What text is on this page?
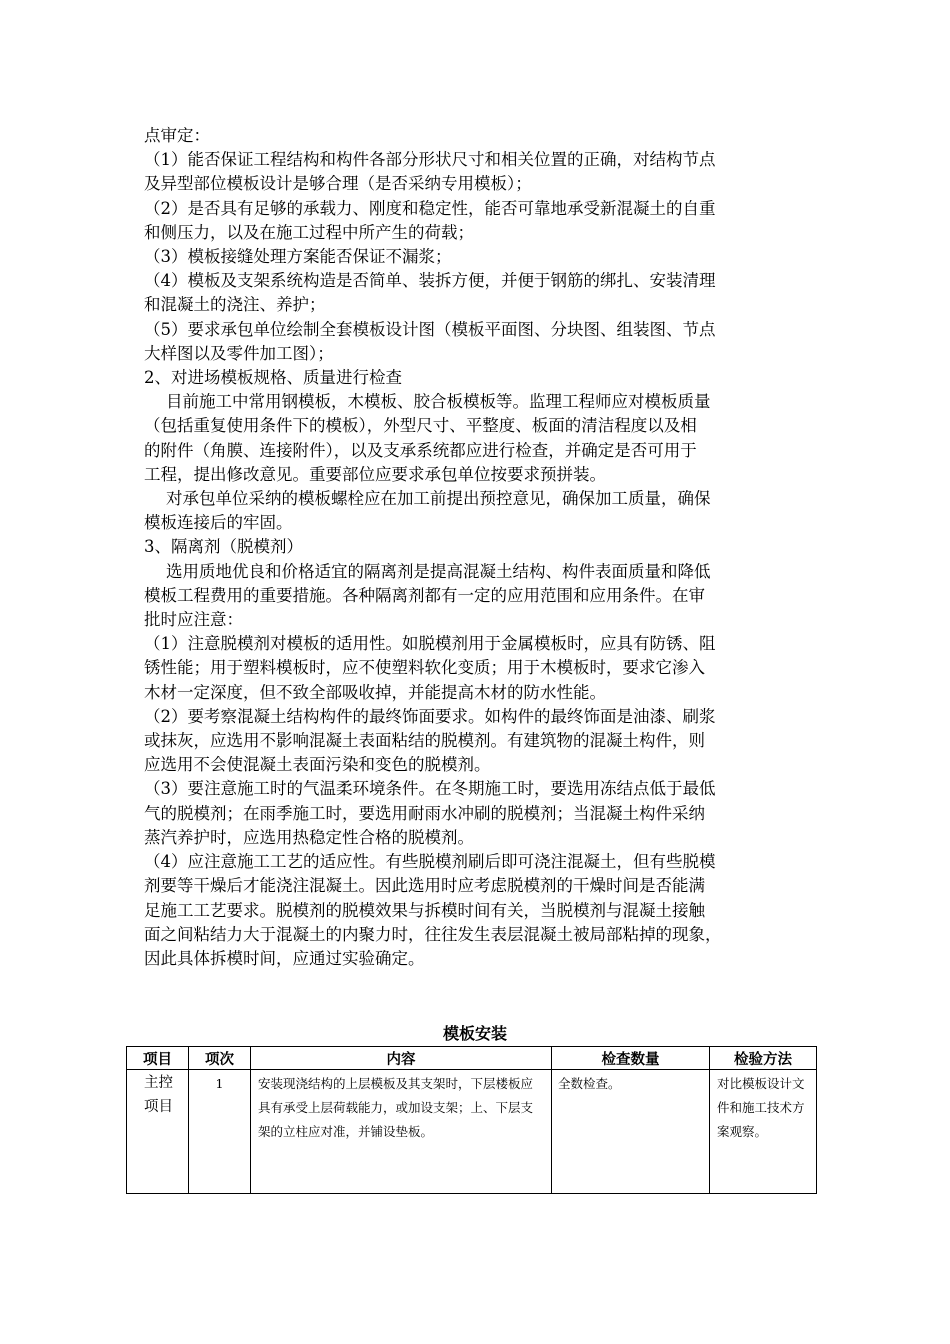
点审定：

（1）能否保证工程结构和构件各部分形状尺寸和相关位置的正确，对结构节点

及异型部位模板设计是够合理（是否采纳专用模板）；

（2）是否具有足够的承载力、刚度和稳定性，能否可靠地承受新混凝土的自重

和侧压力，以及在施工过程中所产生的荷载；

（3）模板接缝处理方案能否保证不漏浆；

（4）模板及支架系统构造是否简单、装拆方便，并便于钢筋的绑扎、安装清理

和混凝土的浇注、养护；

（5）要求承包单位绘制全套模板设计图（模板平面图、分块图、组装图、节点

大样图以及零件加工图）；

2、对进场模板规格、质量进行检查

目前施工中常用钢模板，木模板、胶合板模板等。监理工程师应对模板质量

（包括重复使用条件下的模板），外型尺寸、平整度、板面的清洁程度以及相

的附件（角膜、连接附件），以及支承系统都应进行检查，并确定是否可用于

工程，提出修改意见。重要部位应要求承包单位按要求预拼装。

对承包单位采纳的模板螺栓应在加工前提出预控意见，确保加工质量，确保

模板连接后的牢固。

3、隔离剂（脱模剂）

选用质地优良和价格适宜的隔离剂是提高混凝土结构、构件表面质量和降低

模板工程费用的重要措施。各种隔离剂都有一定的应用范围和应用条件。在审

批时应注意：

（1）注意脱模剂对模板的适用性。如脱模剂用于金属模板时，应具有防锈、阻

锈性能；用于塑料模板时，应不使塑料软化变质；用于木模板时，要求它渗入

木材一定深度，但不致全部吸收掉，并能提高木材的防水性能。

（2）要考察混凝土结构构件的最终饰面要求。如构件的最终饰面是油漆、刷浆

或抹灰，应选用不影响混凝土表面粘结的脱模剂。有建筑物的混凝土构件，则

应选用不会使混凝土表面污染和变色的脱模剂。

（3）要注意施工时的气温柔环境条件。在冬期施工时，要选用冻结点低于最低

气的脱模剂；在雨季施工时，要选用耐雨水冲刷的脱模剂；当混凝土构件采纳

蒸汽养护时，应选用热稳定性合格的脱模剂。

（4）应注意施工工艺的适应性。有些脱模剂刷后即可浇注混凝土，但有些脱模

剂要等干燥后才能浇注混凝土。因此选用时应考虑脱模剂的干燥时间是否能满

足施工工艺要求。脱模剂的脱模效果与拆模时间有关，当脱模剂与混凝土接触

面之间粘结力大于混凝土的内聚力时，往往发生表层混凝土被局部粘掉的现象，

因此具体拆模时间，应通过实验确定。

模板安装
项目	项次	内容	检查数量	检验方法

主控项目	1	安装现浇结构的上层模板及其支架时，下层楼板应具有承受上层荷载能力，或加设支架；上、下层支架的立柱应对准，并铺设垫板。	全数检查。	对比模板设计文件和施工技术方案观察。
